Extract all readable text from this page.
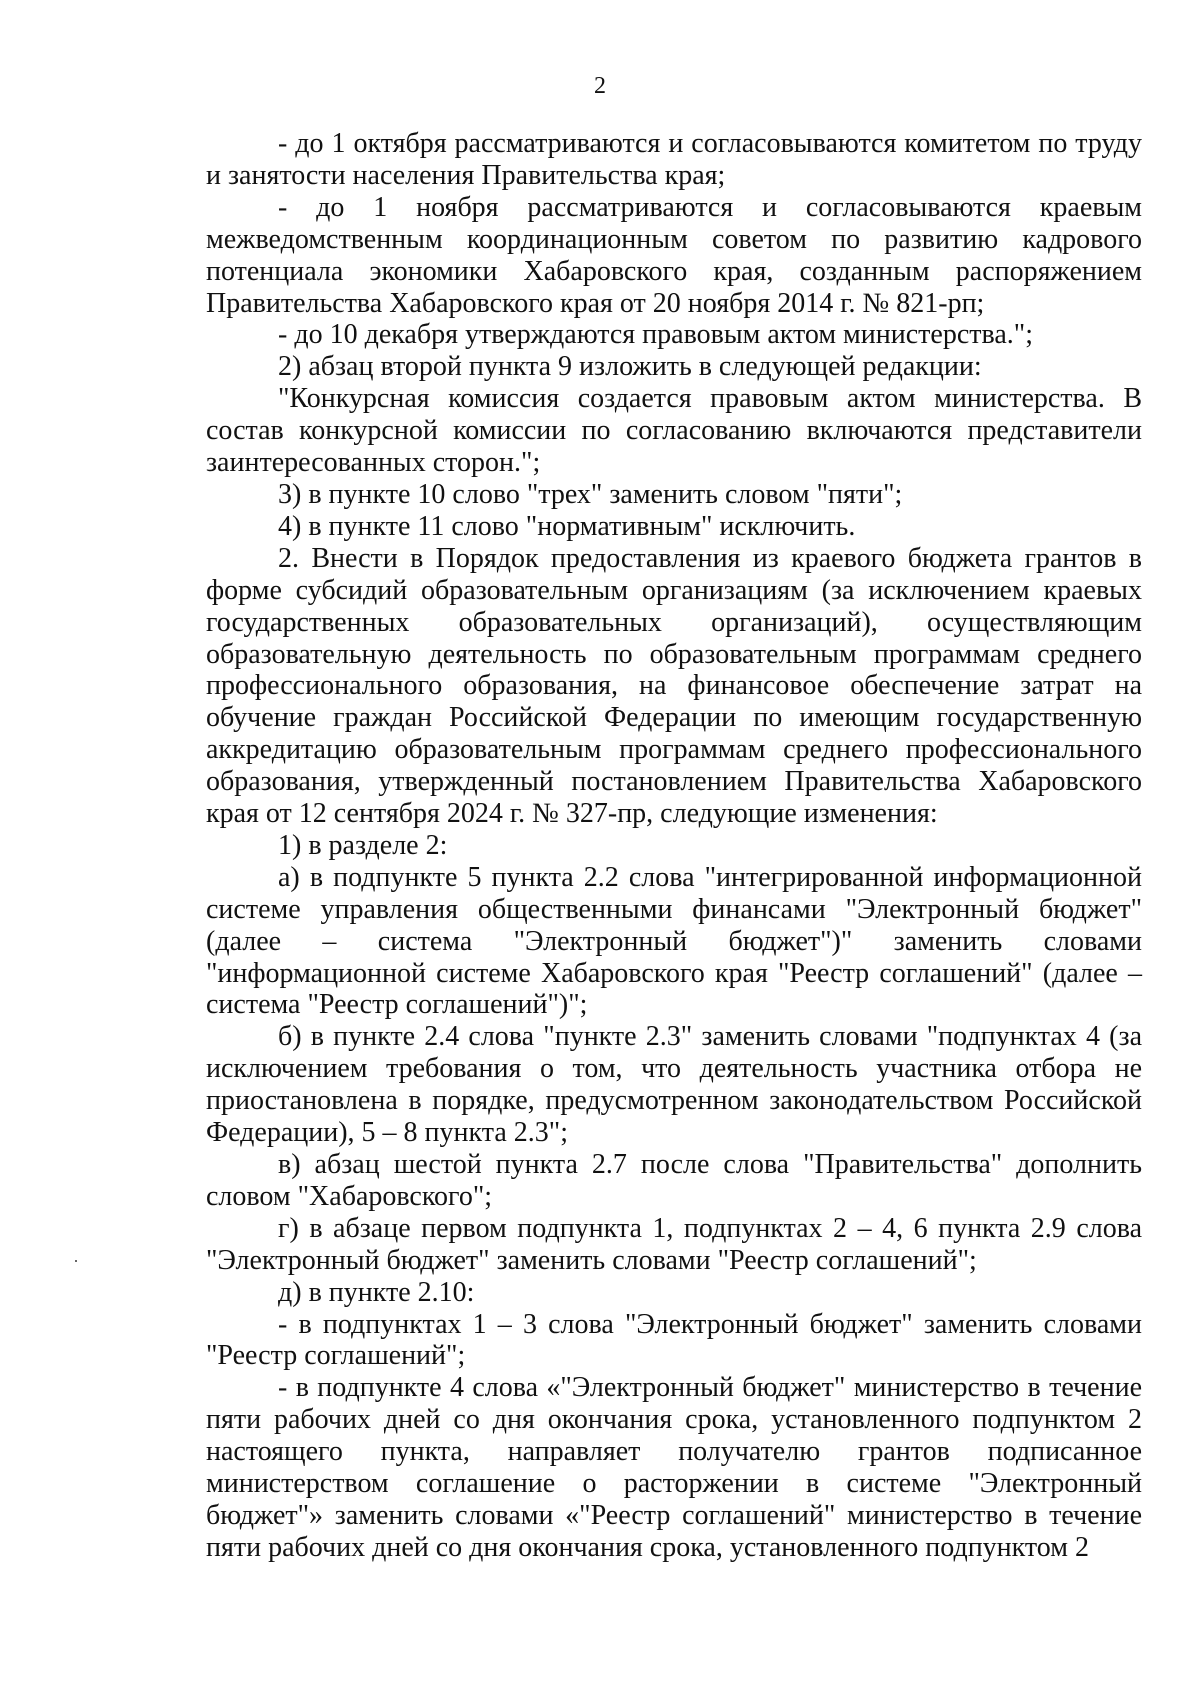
2

- до 1 октября рассматриваются и согласовываются комитетом по труду и занятости населения Правительства края;

- до 1 ноября рассматриваются и согласовываются краевым межведомственным координационным советом по развитию кадрового потенциала экономики Хабаровского края, созданным распоряжением Правительства Хабаровского края от 20 ноября 2014 г. № 821-рп;

- до 10 декабря утверждаются правовым актом министерства.";

2) абзац второй пункта 9 изложить в следующей редакции:

"Конкурсная комиссия создается правовым актом министерства. В состав конкурсной комиссии по согласованию включаются представители заинтересованных сторон.";

3) в пункте 10 слово "трех" заменить словом "пяти";

4) в пункте 11 слово "нормативным" исключить.

2. Внести в Порядок предоставления из краевого бюджета грантов в форме субсидий образовательным организациям (за исключением краевых государственных образовательных организаций), осуществляющим образовательную деятельность по образовательным программам среднего профессионального образования, на финансовое обеспечение затрат на обучение граждан Российской Федерации по имеющим государственную аккредитацию образовательным программам среднего профессионального образования, утвержденный постановлением Правительства Хабаровского края от 12 сентября 2024 г. № 327-пр, следующие изменения:

1) в разделе 2:

а) в подпункте 5 пункта 2.2 слова "интегрированной информационной системе управления общественными финансами "Электронный бюджет" (далее – система "Электронный бюджет")" заменить словами "информационной системе Хабаровского края "Реестр соглашений" (далее – система "Реестр соглашений")";

б) в пункте 2.4 слова "пункте 2.3" заменить словами "подпунктах 4 (за исключением требования о том, что деятельность участника отбора не приостановлена в порядке, предусмотренном законодательством Российской Федерации), 5 – 8 пункта 2.3";

в) абзац шестой пункта 2.7 после слова "Правительства" дополнить словом "Хабаровского";

г) в абзаце первом подпункта 1, подпунктах 2 – 4, 6 пункта 2.9 слова "Электронный бюджет" заменить словами "Реестр соглашений";

д) в пункте 2.10:

- в подпунктах 1 – 3 слова "Электронный бюджет" заменить словами "Реестр соглашений";

- в подпункте 4 слова «"Электронный бюджет" министерство в течение пяти рабочих дней со дня окончания срока, установленного подпунктом 2 настоящего пункта, направляет получателю грантов подписанное министерством соглашение о расторжении в системе "Электронный бюджет"» заменить словами «"Реестр соглашений" министерство в течение пяти рабочих дней со дня окончания срока, установленного подпунктом 2
